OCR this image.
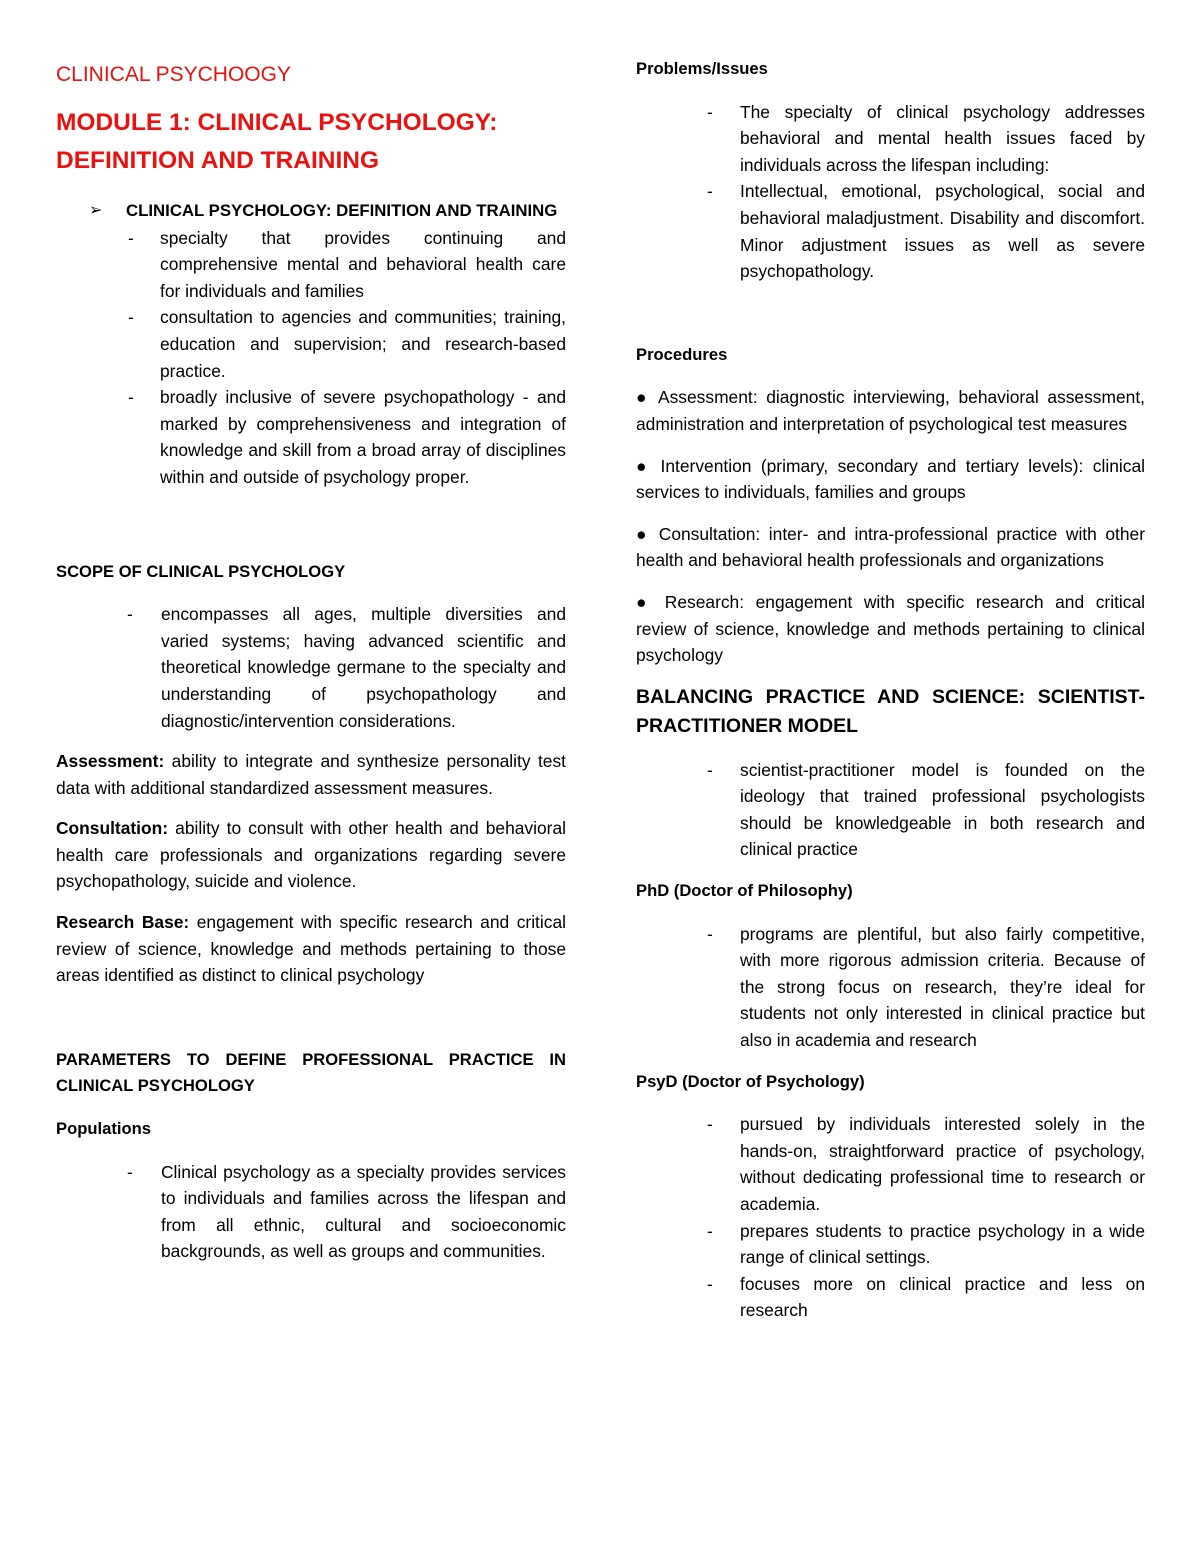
CLINICAL PSYCHOOGY

MODULE 1: CLINICAL PSYCHOLOGY: DEFINITION AND TRAINING

➢ CLINICAL PSYCHOLOGY: DEFINITION AND TRAINING

- specialty that provides continuing and comprehensive mental and behavioral health care for individuals and families
- consultation to agencies and communities; training, education and supervision; and research-based practice.
- broadly inclusive of severe psychopathology - and marked by comprehensiveness and integration of knowledge and skill from a broad array of disciplines within and outside of psychology proper.

SCOPE OF CLINICAL PSYCHOLOGY

- encompasses all ages, multiple diversities and varied systems; having advanced scientific and theoretical knowledge germane to the specialty and understanding of psychopathology and diagnostic/intervention considerations.

Assessment: ability to integrate and synthesize personality test data with additional standardized assessment measures.

Consultation: ability to consult with other health and behavioral health care professionals and organizations regarding severe psychopathology, suicide and violence.

Research Base: engagement with specific research and critical review of science, knowledge and methods pertaining to those areas identified as distinct to clinical psychology

PARAMETERS TO DEFINE PROFESSIONAL PRACTICE IN CLINICAL PSYCHOLOGY

Populations

- Clinical psychology as a specialty provides services to individuals and families across the lifespan and from all ethnic, cultural and socioeconomic backgrounds, as well as groups and communities.

Problems/Issues

- The specialty of clinical psychology addresses behavioral and mental health issues faced by individuals across the lifespan including:
- Intellectual, emotional, psychological, social and behavioral maladjustment. Disability and discomfort. Minor adjustment issues as well as severe psychopathology.

Procedures

● Assessment: diagnostic interviewing, behavioral assessment, administration and interpretation of psychological test measures

● Intervention (primary, secondary and tertiary levels): clinical services to individuals, families and groups

● Consultation: inter- and intra-professional practice with other health and behavioral health professionals and organizations

● Research: engagement with specific research and critical review of science, knowledge and methods pertaining to clinical psychology

BALANCING PRACTICE AND SCIENCE: SCIENTIST-PRACTITIONER MODEL

- scientist-practitioner model is founded on the ideology that trained professional psychologists should be knowledgeable in both research and clinical practice

PhD (Doctor of Philosophy)

- programs are plentiful, but also fairly competitive, with more rigorous admission criteria. Because of the strong focus on research, they’re ideal for students not only interested in clinical practice but also in academia and research

PsyD (Doctor of Psychology)

- pursued by individuals interested solely in the hands-on, straightforward practice of psychology, without dedicating professional time to research or academia.
- prepares students to practice psychology in a wide range of clinical settings.
- focuses more on clinical practice and less on research
